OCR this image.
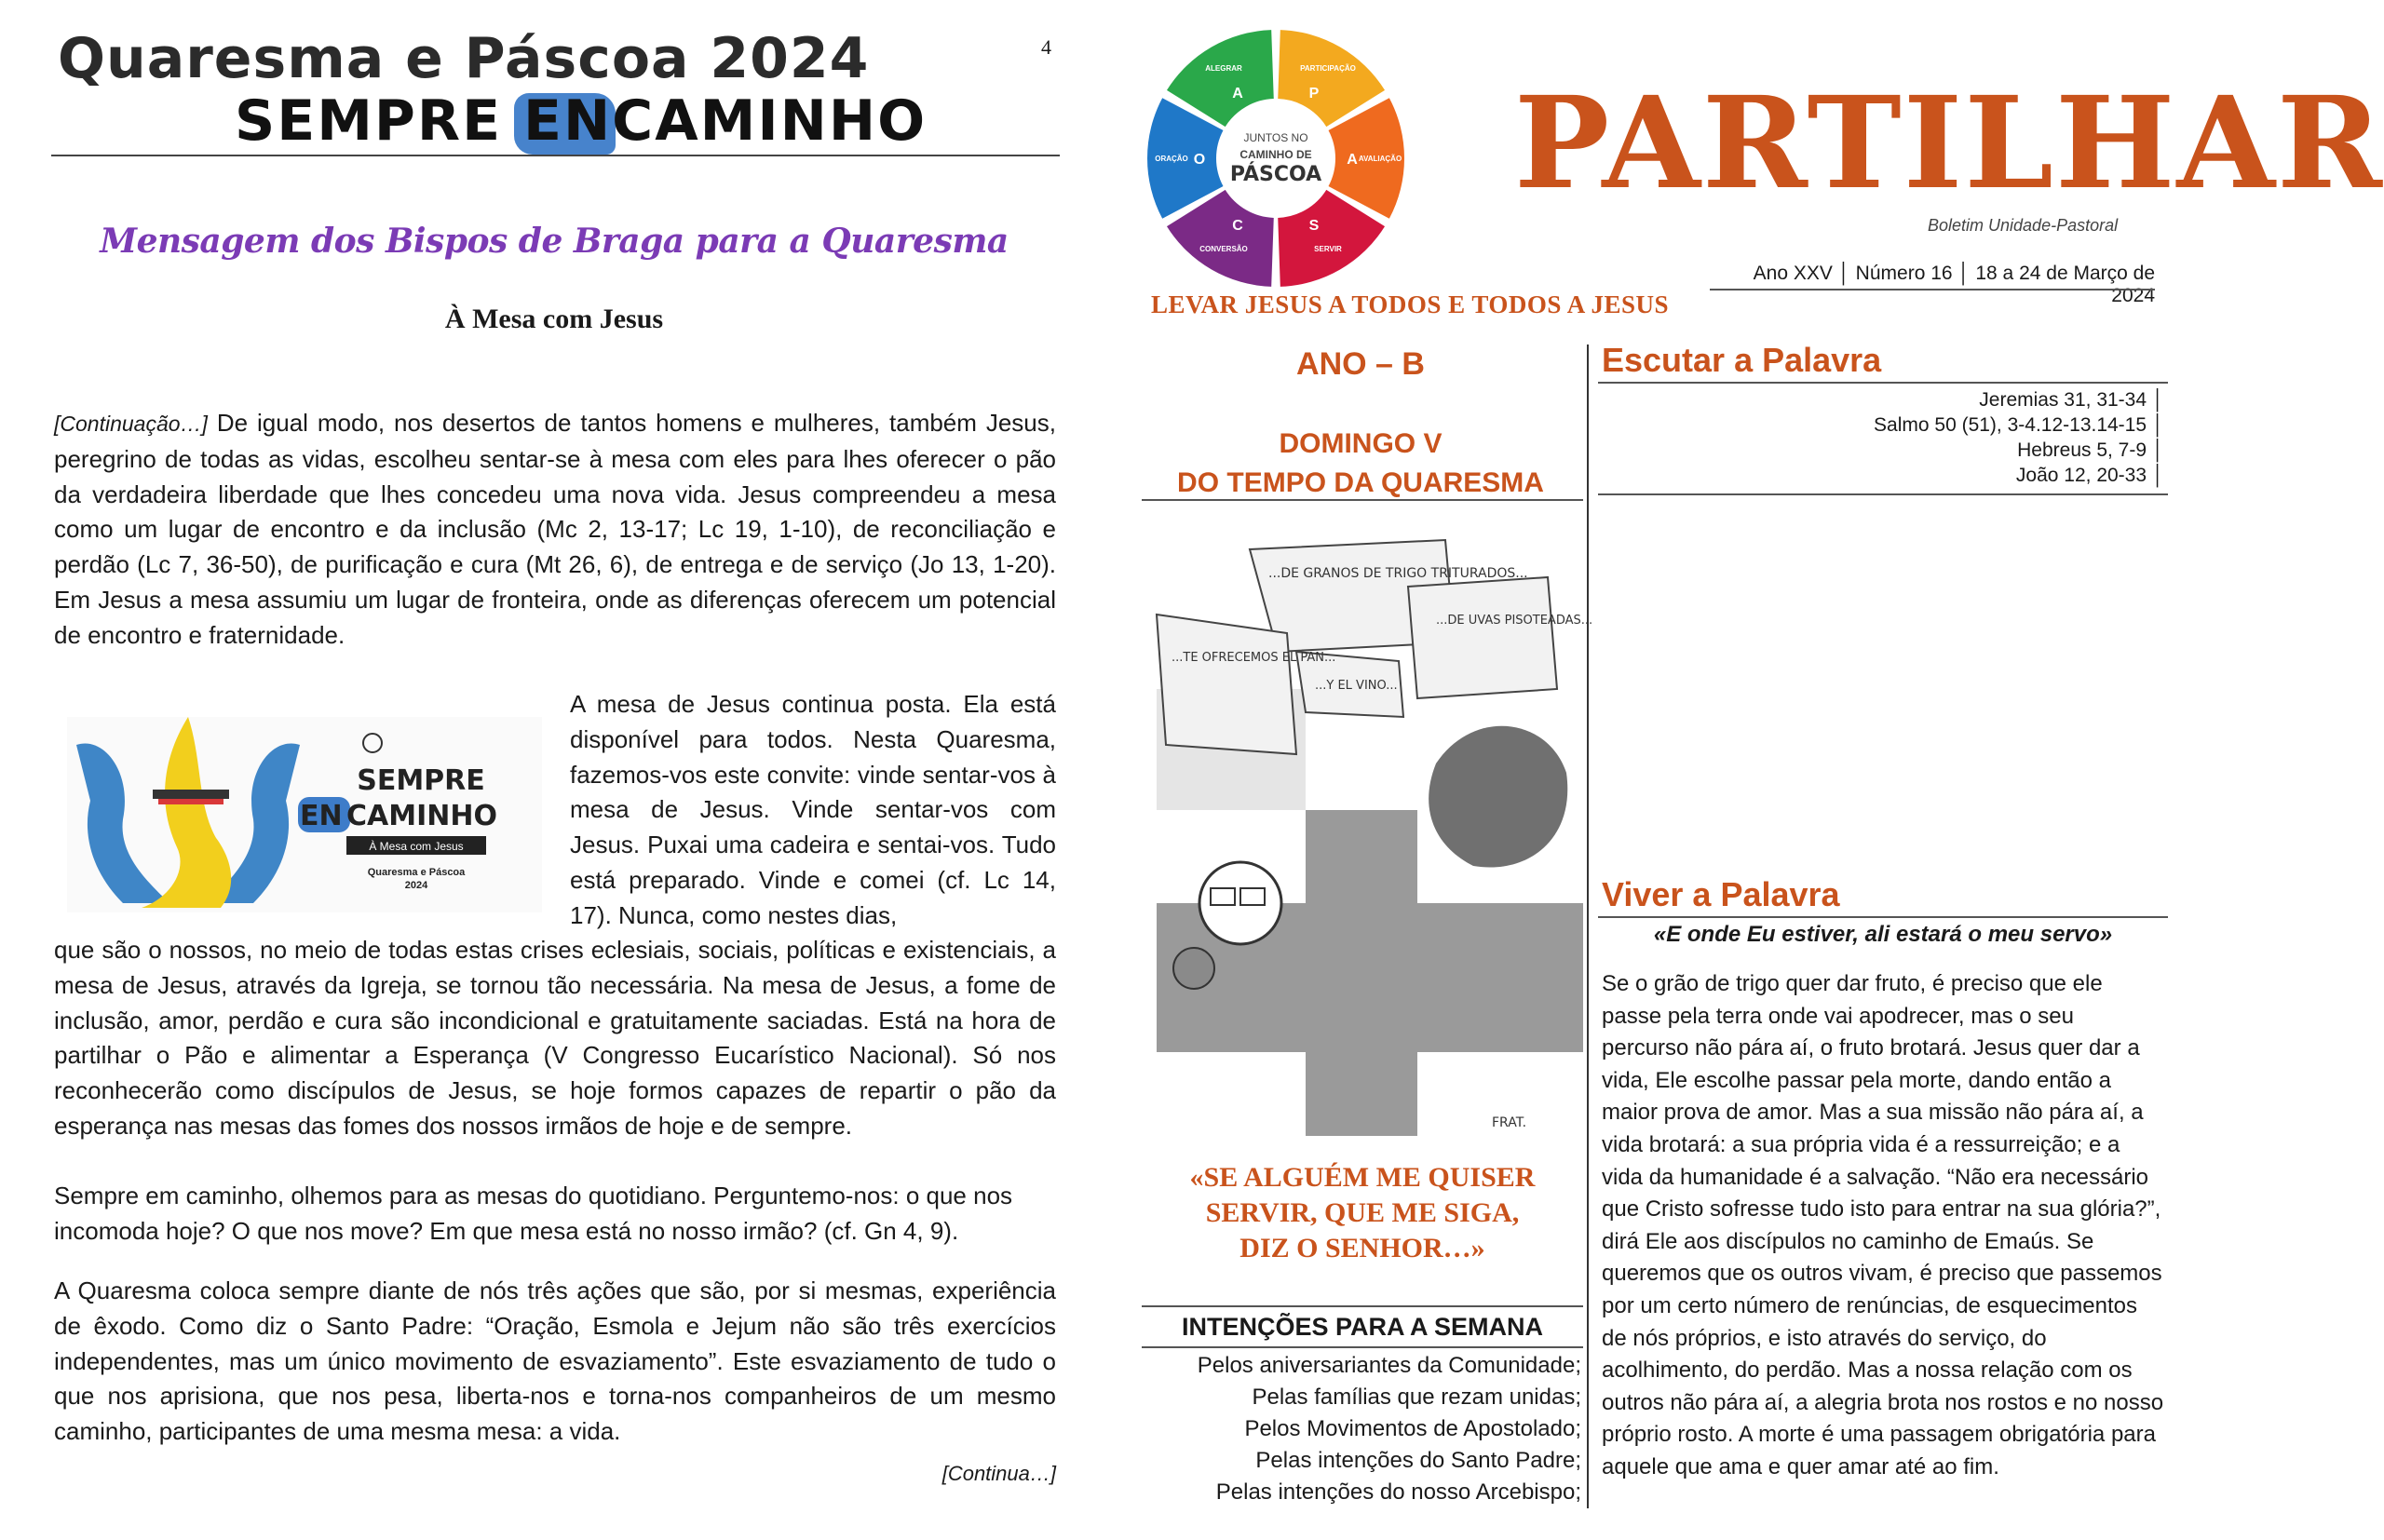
Quaresma e Páscoa 2024
SEMPRE ENCAMINHO
4
Mensagem dos Bispos de Braga para a Quaresma
À Mesa com Jesus
[Continuação…] De igual modo, nos desertos de tantos homens e mulheres, também Jesus, peregrino de todas as vidas, escolheu sentar-se à mesa com eles para lhes oferecer o pão da verdadeira liberdade que lhes concedeu uma nova vida. Jesus compreendeu a mesa como um lugar de encontro e da inclusão (Mc 2, 13-17; Lc 19, 1-10), de reconciliação e perdão (Lc 7, 36-50), de purificação e cura (Mt 26, 6), de entrega e de serviço (Jo 13, 1-20). Em Jesus a mesa assumiu um lugar de fronteira, onde as diferenças oferecem um potencial de encontro e fraternidade.
SEMPRE
EN CAMINHO
À Mesa com Jesus
Quaresma e Páscoa
2024
A mesa de Jesus continua posta. Ela está disponível para todos. Nesta Quaresma, fazemos-vos este convite: vinde sentar-vos à mesa de Jesus. Vinde sentar-vos com Jesus. Puxai uma cadeira e sentai-vos. Tudo está preparado. Vinde e comei (cf. Lc 14, 17). Nunca, como nestes dias,
que são o nossos, no meio de todas estas crises eclesiais, sociais, políticas e existenciais, a mesa de Jesus, através da Igreja, se tornou tão necessária. Na mesa de Jesus, a fome de inclusão, amor, perdão e cura são incondicional e gratuitamente saciadas. Está na hora de partilhar o Pão e alimentar a Esperança (V Congresso Eucarístico Nacional). Só nos reconhecerão como discípulos de Jesus, se hoje formos capazes de repartir o pão da esperança nas mesas das fomes dos nossos irmãos de hoje e de sempre.
Sempre em caminho, olhemos para as mesas do quotidiano. Perguntemo-nos: o que nos incomoda hoje? O que nos move? Em que mesa está no nosso irmão? (cf. Gn 4, 9).
A Quaresma coloca sempre diante de nós três ações que são, por si mesmas, experiência de êxodo. Como diz o Santo Padre: “Oração, Esmola e Jejum não são três exercícios independentes, mas um único movimento de esvaziamento”. Este esvaziamento de tudo o que nos aprisiona, que nos pesa, liberta-nos e torna-nos companheiros de um mesmo caminho, participantes de uma mesma mesa: a vida.
[Continua…]
P
PARTICIPAÇÃO
A AVALIAÇÃO
S
SERVIR
C
CONVERSÃO
O
ORAÇÃO
A
ALEGRAR
JUNTOS NO
CAMINHO DE
PÁSCOA PARTILHAR
Boletim Unidade-Pastoral
Ano XXV │ Número 16 │ 18 a 24 de Março de 2024
LEVAR JESUS A TODOS E TODOS A JESUS
ANO – B
DOMINGO V
DO TEMPO DA QUARESMA
...DE GRANOS DE TRIGO TRITURADOS...
...DE UVAS PISOTEADAS...
...TE OFRECEMOS EL PAN...
...Y EL VINO...
FRAT.
«SE ALGUÉM ME QUISER
SERVIR, QUE ME SIGA,
DIZ O SENHOR…»
INTENÇÕES PARA A SEMANA
Pelos aniversariantes da Comunidade;
Pelas famílias que rezam unidas;
Pelos Movimentos de Apostolado;
Pelas intenções do Santo Padre;
Pelas intenções do nosso Arcebispo;
Escutar a Palavra
Jeremias 31, 31-34 │
Salmo 50 (51), 3-4.12-13.14-15 │
Hebreus 5, 7-9 │
João 12, 20-33 │
Viver a Palavra
«E onde Eu estiver, ali estará o meu servo»
Se o grão de trigo quer dar fruto, é preciso que ele passe pela terra onde vai apodrecer, mas o seu percurso não pára aí, o fruto brotará. Jesus quer dar a vida, Ele escolhe passar pela morte, dando então a maior prova de amor. Mas a sua missão não pára aí, a vida brotará: a sua própria vida é a ressurreição; e a vida da humanidade é a salvação. “Não era necessário que Cristo sofresse tudo isto para entrar na sua glória?”, dirá Ele aos discípulos no caminho de Emaús. Se queremos que os outros vivam, é preciso que passemos por um certo número de renúncias, de esquecimentos de nós próprios, e isto através do serviço, do acolhimento, do perdão. Mas a nossa relação com os outros não pára aí, a alegria brota nos rostos e no nosso próprio rosto. A morte é uma passagem obrigatória para aquele que ama e quer amar até ao fim.
